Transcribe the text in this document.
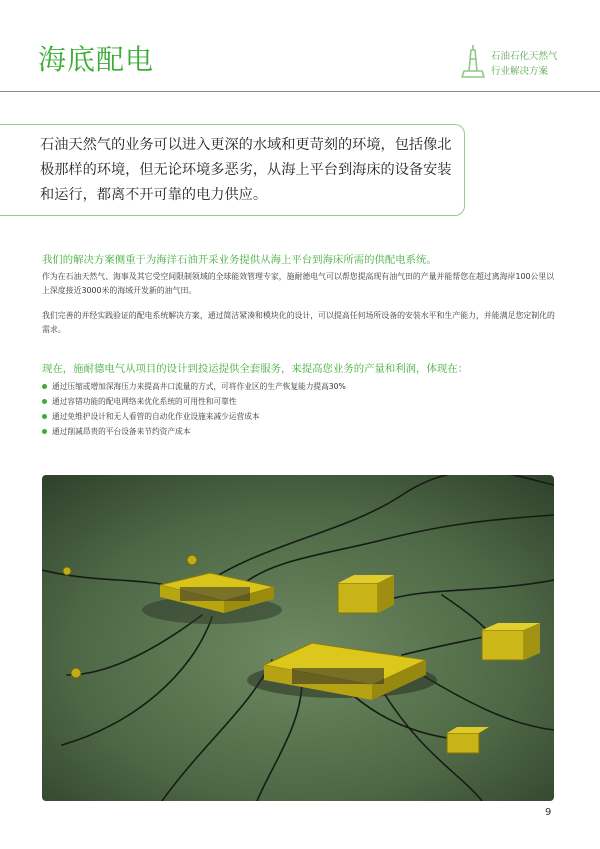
海底配电	石油石化天然气
行业解决方案

石油天然气的业务可以进入更深的水域和更苛刻的环境，包括像北极那样的环境，但无论环境多恶劣，从海上平台到海床的设备安装和运行，都离不开可靠的电力供应。

我们的解决方案侧重于为海洋石油开采业务提供从海上平台到海床所需的供配电系统。

作为在石油天然气、海事及其它受空间限制领域的全球能效管理专家，施耐德电气可以帮您提高现有油气田的产量并能帮您在超过离海岸100公里以上深度接近3000米的海域开发新的油气田。

我们完善的并经实践验证的配电系统解决方案，通过简洁紧凑和模块化的设计，可以提高任何场所设备的安装水平和生产能力，并能满足您定制化的需求。

现在，施耐德电气从项目的设计到投运提供全套服务，来提高您业务的产量和利润，体现在：

通过压缩或增加深海压力来提高井口流量的方式，可将作业区的生产恢复能力提高30%
通过容错功能的配电网络来优化系统的可用性和可靠性
通过免维护设计和无人看管的自动化作业设施来减少运营成本
通过削减昂贵的平台设备来节约资产成本
9
